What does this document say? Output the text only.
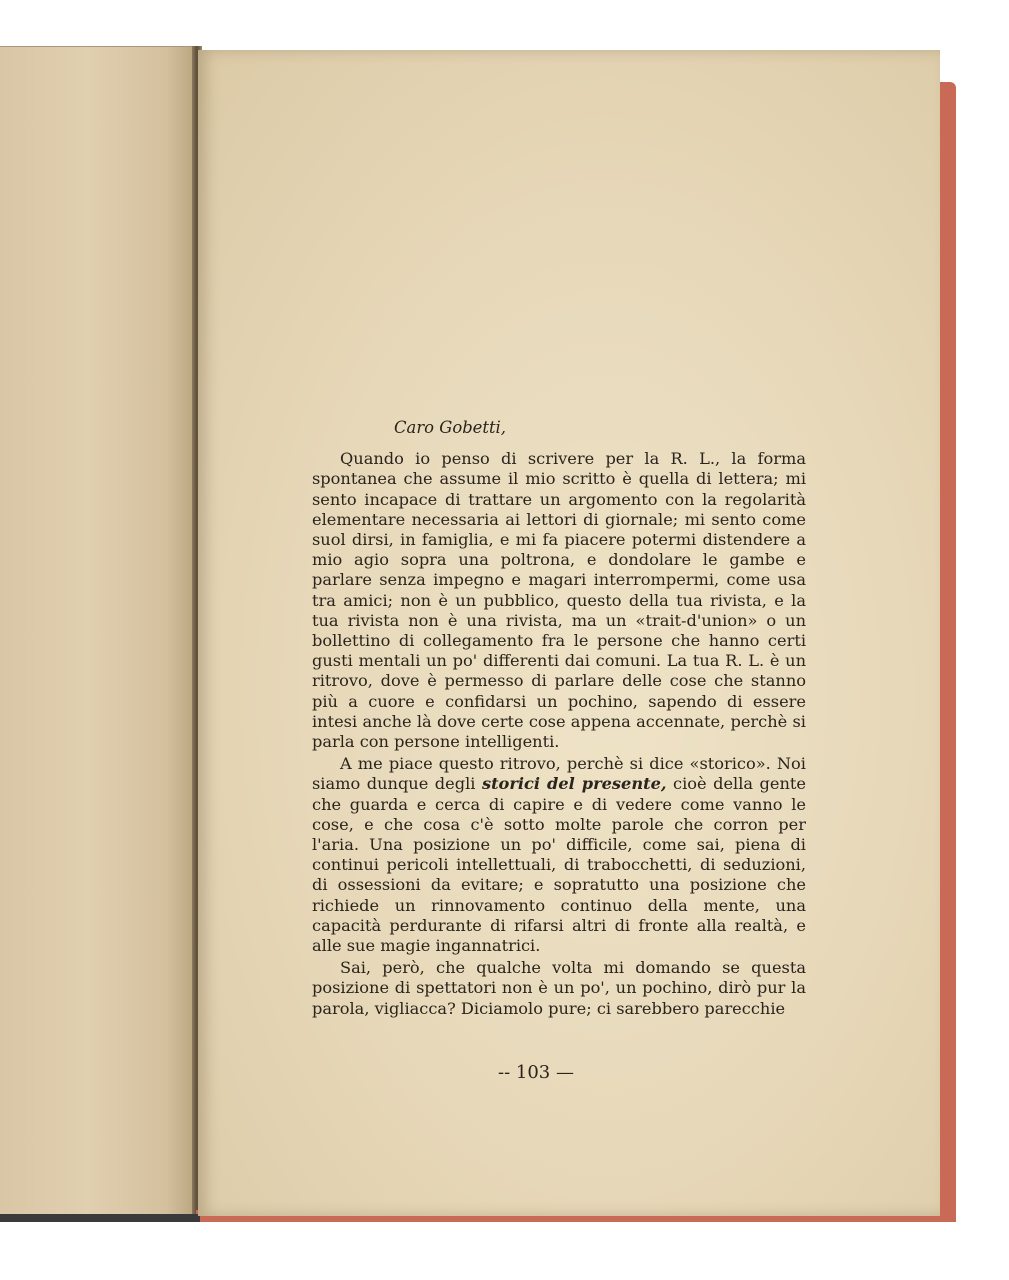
Caro Gobetti,

Quando io penso di scrivere per la R. L., la forma spontanea che assume il mio scritto è quella di lettera; mi sento incapace di trattare un argomento con la regolarità elementare necessaria ai lettori di giornale; mi sento come suol dirsi, in famiglia, e mi fa piacere potermi distendere a mio agio sopra una poltrona, e dondolare le gambe e parlare senza impegno e magari interrompermi, come usa tra amici; non è un pubblico, questo della tua rivista, e la tua rivista non è una rivista, ma un «trait-d'union» o un bollettino di collegamento fra le persone che hanno certi gusti mentali un po' differenti dai comuni. La tua R. L. è un ritrovo, dove è permesso di parlare delle cose che stanno più a cuore e confidarsi un pochino, sapendo di essere intesi anche là dove certe cose appena accennate, perchè si parla con persone intelligenti.

A me piace questo ritrovo, perchè si dice «storico». Noi siamo dunque degli storici del presente, cioè della gente che guarda e cerca di capire e di vedere come vanno le cose, e che cosa c'è sotto molte parole che corron per l'aria. Una posizione un po' difficile, come sai, piena di continui pericoli intellettuali, di trabocchetti, di seduzioni, di ossessioni da evitare; e sopratutto una posizione che richiede un rinnovamento continuo della mente, una capacità perdurante di rifarsi altri di fronte alla realtà, e alle sue magie ingannatrici.

Sai, però, che qualche volta mi domando se questa posizione di spettatori non è un po', un pochino, dirò pur la parola, vigliacca? Diciamolo pure; ci sarebbero parecchie

-- 103 —
